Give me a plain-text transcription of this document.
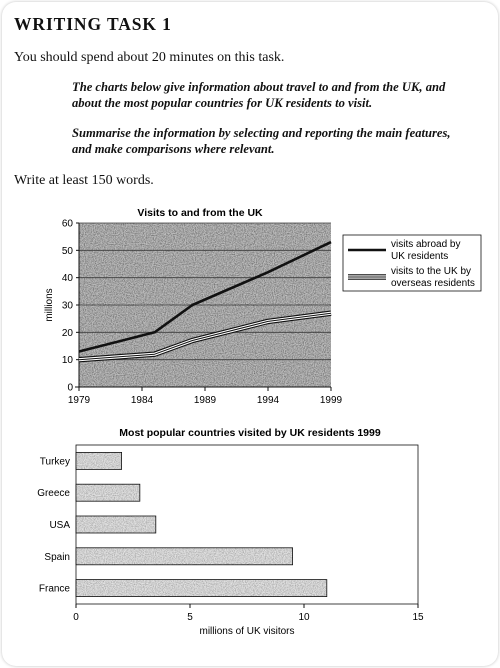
WRITING TASK 1
You should spend about 20 minutes on this task.
The charts below give information about travel to and from the UK, and
about the most popular countries for UK residents to visit.
Summarise the information by selecting and reporting the main features,
and make comparisons where relevant.
Write at least 150 words.
Visits to and from the UK
0
10
20
30
40
50
60
1979	1984	1989	1994	1999
millions
visits abroad by
UK residents
visits to the UK by
overseas residents
Most popular countries visited by UK residents 1999
Turkey
Greece
USA
Spain
France
0	5	10	15
millions of UK visitors
